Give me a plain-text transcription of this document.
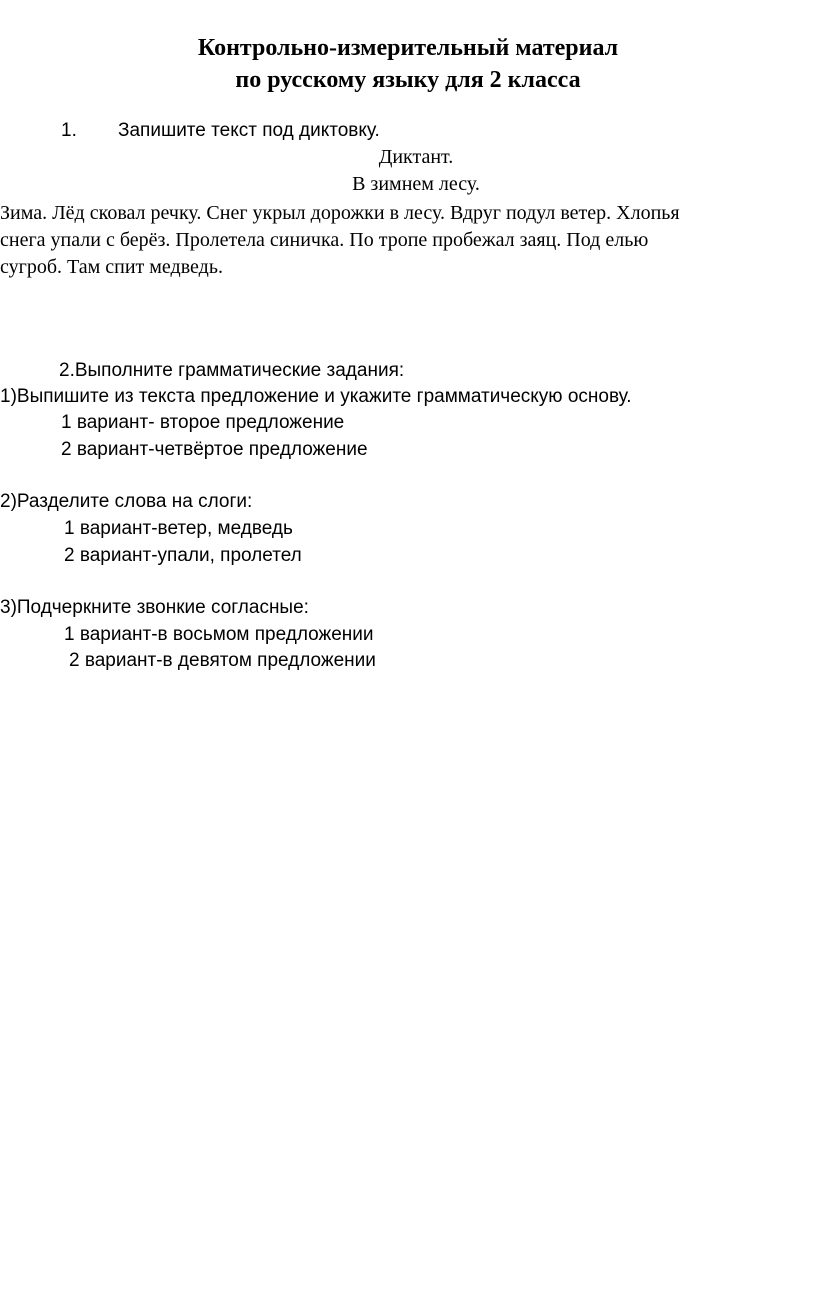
Контрольно-измерительный материал
по русскому языку для 2 класса
1. Запишите текст под диктовку.
Диктант.
В зимнем лесу.
Зима. Лёд сковал речку. Снег укрыл дорожки в лесу. Вдруг подул ветер. Хлопья
снега упали с берёз. Пролетела синичка. По тропе пробежал заяц. Под елью
сугроб. Там спит медведь.
2.Выполните грамматические задания:
1)Выпишите из текста предложение и укажите грамматическую основу.
1 вариант- второе предложение
2 вариант-четвёртое предложение
2)Разделите слова на слоги:
1 вариант-ветер, медведь
2 вариант-упали, пролетел
3)Подчеркните звонкие согласные:
1 вариант-в восьмом предложении
2 вариант-в девятом предложении
